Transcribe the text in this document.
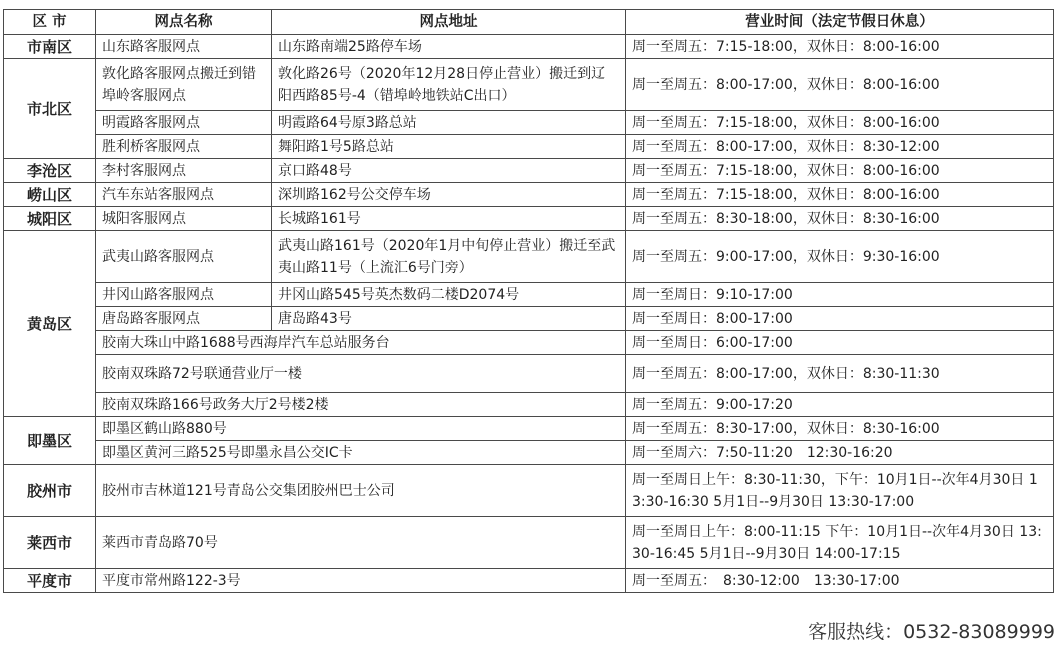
区 市	网点名称	网点地址	营业时间（法定节假日休息）
市南区	山东路客服网点	山东路南端25路停车场	周一至周五：7:15-18:00，双休日：8:00-16:00
市北区	敦化路客服网点搬迁到错埠岭客服网点	敦化路26号（2020年12月28日停止营业）搬迁到辽阳西路85号-4（错埠岭地铁站C出口）	周一至周五：8:00-17:00，双休日：8:00-16:00
	明霞路客服网点	明霞路64号原3路总站	周一至周五：7:15-18:00，双休日：8:00-16:00
	胜利桥客服网点	舞阳路1号5路总站	周一至周五：8:00-17:00，双休日：8:30-12:00
李沧区	李村客服网点	京口路48号	周一至周五：7:15-18:00，双休日：8:00-16:00
崂山区	汽车东站客服网点	深圳路162号公交停车场	周一至周五：7:15-18:00，双休日：8:00-16:00
城阳区	城阳客服网点	长城路161号	周一至周五：8:30-18:00，双休日：8:30-16:00
黄岛区	武夷山路客服网点	武夷山路161号（2020年1月中旬停止营业）搬迁至武夷山路11号（上流汇6号门旁）	周一至周五：9:00-17:00，双休日：9:30-16:00
	井冈山路客服网点	井冈山路545号英杰数码二楼D2074号	周一至周日：9:10-17:00
	唐岛路客服网点	唐岛路43号	周一至周日：8:00-17:00
	胶南大珠山中路1688号西海岸汽车总站服务台		周一至周日：6:00-17:00
	胶南双珠路72号联通营业厅一楼		周一至周五：8:00-17:00，双休日：8:30-11:30
	胶南双珠路166号政务大厅2号楼2楼		周一至周五：9:00-17:20
即墨区	即墨区鹤山路880号		周一至周五：8:30-17:00，双休日：8:30-16:00
	即墨区黄河三路525号即墨永昌公交IC卡		周一至周六：7:50-11:20　12:30-16:20
胶州市	胶州市吉林道121号青岛公交集团胶州巴士公司		周一至周日上午：8:30-11:30，下午：10月1日--次年4月30日 13:30-16:30 5月1日--9月30日 13:30-17:00
莱西市	莱西市青岛路70号		周一至周日上午：8:00-11:15 下午：10月1日--次年4月30日 13:30-16:45 5月1日--9月30日 14:00-17:15
平度市	平度市常州路122-3号		周一至周五：　8:30-12:00　13:30-17:00
客服热线：0532-83089999
